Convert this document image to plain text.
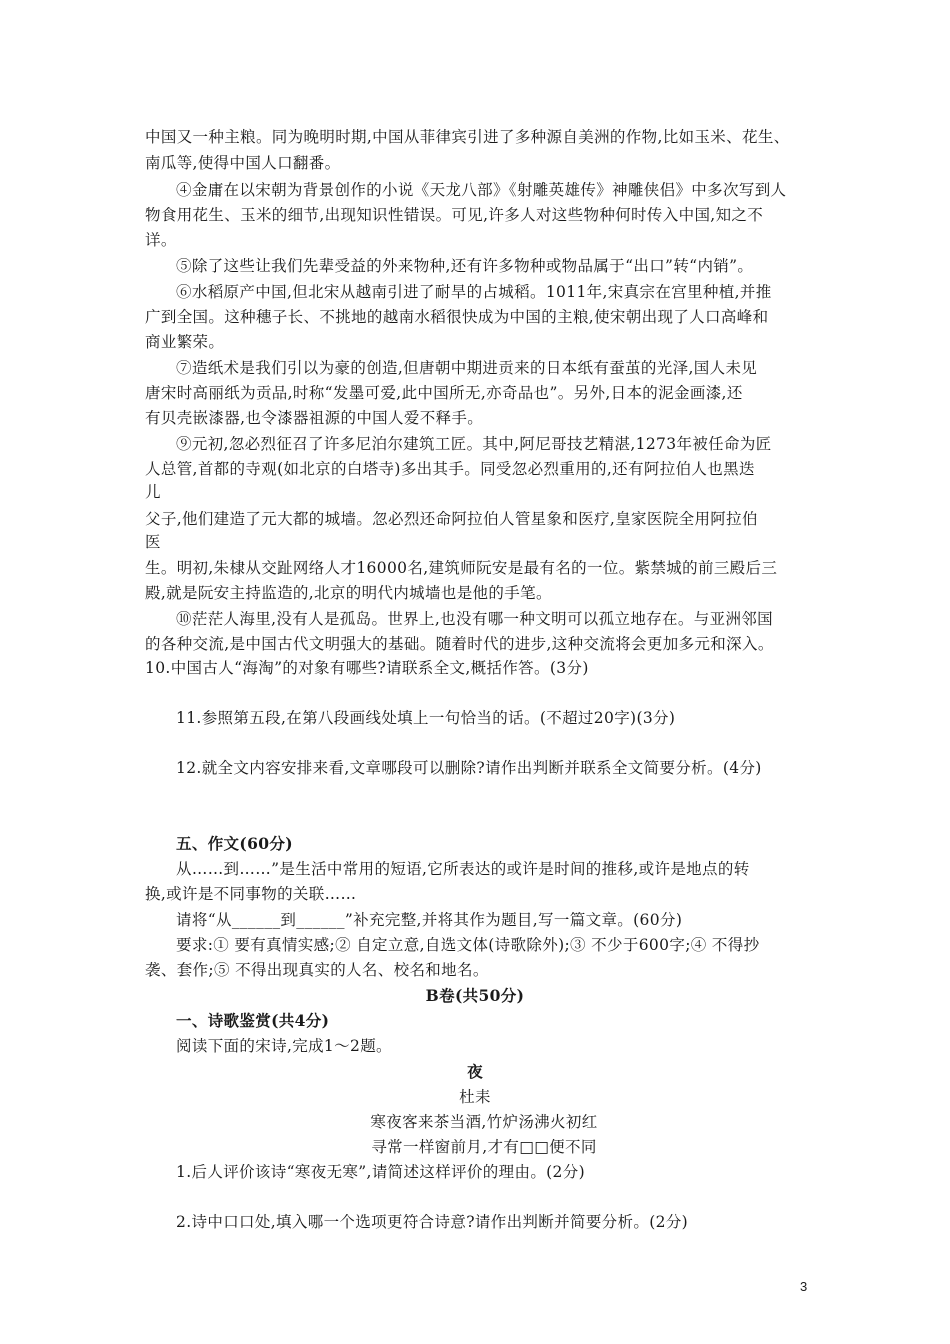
中国又一种主粮。同为晚明时期,中国从菲律宾引进了多种源自美洲的作物,比如玉米、花生、
南瓜等,使得中国人口翻番。
④金庸在以宋朝为背景创作的小说《天龙八部》《射雕英雄传》神雕侠侣》中多次写到人
物食用花生、玉米的细节,出现知识性错误。可见,许多人对这些物种何时传入中国,知之不
详。
⑤除了这些让我们先辈受益的外来物种,还有许多物种或物品属于“出口”转“内销”。
⑥水稻原产中国,但北宋从越南引进了耐旱的占城稻。1011年,宋真宗在宫里种植,并推
广到全国。这种穗子长、不挑地的越南水稻很快成为中国的主粮,使宋朝出现了人口高峰和
商业繁荣。
⑦造纸术是我们引以为豪的创造,但唐朝中期进贡来的日本纸有蚕茧的光泽,国人未见
唐宋时高丽纸为贡品,时称“发墨可爱,此中国所无,亦奇品也”。另外,日本的泥金画漆,还
有贝壳嵌漆器,也令漆器祖源的中国人爱不释手。
⑨元初,忽必烈征召了许多尼泊尔建筑工匠。其中,阿尼哥技艺精湛,1273年被任命为匠
人总管,首都的寺观(如北京的白塔寺)多出其手。同受忽必烈重用的,还有阿拉伯人也黑迭
儿
父子,他们建造了元大都的城墙。忽必烈还命阿拉伯人管星象和医疗,皇家医院全用阿拉伯
医
生。明初,朱棣从交趾网络人才16000名,建筑师阮安是最有名的一位。紫禁城的前三殿后三
殿,就是阮安主持监造的,北京的明代内城墙也是他的手笔。
⑩茫茫人海里,没有人是孤岛。世界上,也没有哪一种文明可以孤立地存在。与亚洲邻国
的各种交流,是中国古代文明强大的基础。随着时代的进步,这种交流将会更加多元和深入。
10.中国古人“海淘”的对象有哪些?请联系全文,概括作答。(3分)
11.参照第五段,在第八段画线处填上一句恰当的话。(不超过20字)(3分)
12.就全文内容安排来看,文章哪段可以删除?请作出判断并联系全文简要分析。(4分)
五、作文(60分)
从……到……”是生活中常用的短语,它所表达的或许是时间的推移,或许是地点的转
换,或许是不同事物的关联……
请将“从______到______”补充完整,并将其作为题目,写一篇文章。(60分)
要求:① 要有真情实感;② 自定立意,自选文体(诗歌除外);③ 不少于600字;④ 不得抄
袭、套作;⑤ 不得出现真实的人名、校名和地名。
B卷(共50分)
一、诗歌鉴赏(共4分)
阅读下面的宋诗,完成1～2题。
夜
杜耒
寒夜客来茶当酒,竹炉汤沸火初红
寻常一样窗前月,才有□□便不同
1.后人评价该诗“寒夜无寒”,请简述这样评价的理由。(2分)
2.诗中口口处,填入哪一个选项更符合诗意?请作出判断并简要分析。(2分)
3
